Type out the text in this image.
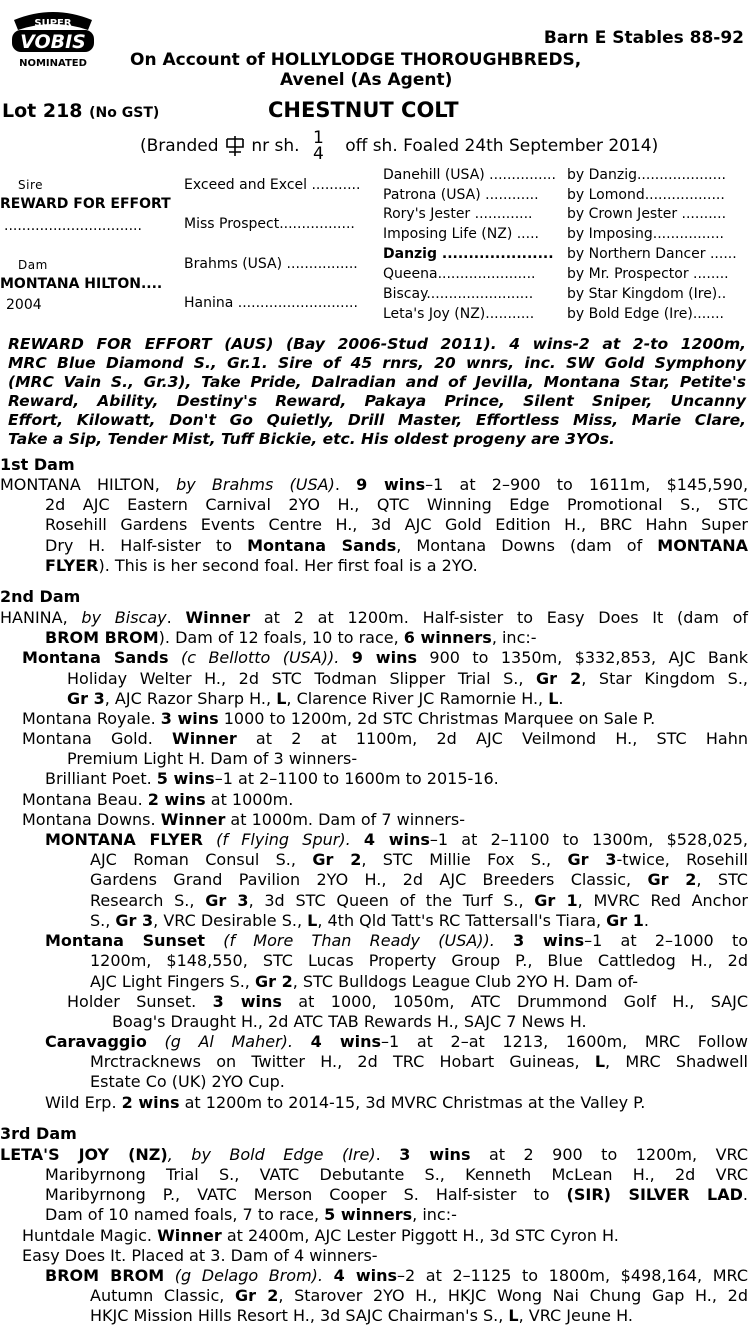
SUPER
VOBIS
NOMINATED
Barn E Stables 88-92
On Account of HOLLYLODGE THOROUGHBREDS,
Avenel (As Agent)
Lot 218 (No GST)	CHESTNUT COLT
(Branded nr sh. 1
4 off sh. Foaled 24th September 2014)
Sire
REWARD FOR EFFORT
...............................
Dam
MONTANA HILTON....
2004
Exceed and Excel ...........
Miss Prospect.................
Brahms (USA) ................
Hanina ...........................
Danehill (USA) ...............
Patrona (USA) ............
Rory's Jester .............
Imposing Life (NZ) .....
Danzig .....................
Queena......................
Biscay........................
Leta's Joy (NZ)...........
by Danzig....................
by Lomond..................
by Crown Jester ..........
by Imposing................
by Northern Dancer ......
by Mr. Prospector ........
by Star Kingdom (Ire)..
by Bold Edge (Ire).......
REWARD FOR EFFORT (AUS) (Bay 2006-Stud 2011). 4 wins-2 at 2-to 1200m,
MRC Blue Diamond S., Gr.1. Sire of 45 rnrs, 20 wnrs, inc. SW Gold Symphony
(MRC Vain S., Gr.3), Take Pride, Dalradian and of Jevilla, Montana Star, Petite's
Reward, Ability, Destiny's Reward, Pakaya Prince, Silent Sniper, Uncanny
Effort, Kilowatt, Don't Go Quietly, Drill Master, Effortless Miss, Marie Clare,
Take a Sip, Tender Mist, Tuff Bickie, etc. His oldest progeny are 3YOs.
1st Dam
MONTANA HILTON, by Brahms (USA). 9 wins–1 at 2–900 to 1611m, $145,590,
2d AJC Eastern Carnival 2YO H., QTC Winning Edge Promotional S., STC
Rosehill Gardens Events Centre H., 3d AJC Gold Edition H., BRC Hahn Super
Dry H. Half-sister to Montana Sands, Montana Downs (dam of MONTANA
FLYER). This is her second foal. Her first foal is a 2YO.
2nd Dam
HANINA, by Biscay. Winner at 2 at 1200m. Half-sister to Easy Does It (dam of
BROM BROM). Dam of 12 foals, 10 to race, 6 winners, inc:-
Montana Sands (c Bellotto (USA)). 9 wins 900 to 1350m, $332,853, AJC Bank
Holiday Welter H., 2d STC Todman Slipper Trial S., Gr 2, Star Kingdom S.,
Gr 3, AJC Razor Sharp H., L, Clarence River JC Ramornie H., L.
Montana Royale. 3 wins 1000 to 1200m, 2d STC Christmas Marquee on Sale P.
Montana Gold. Winner at 2 at 1100m, 2d AJC Veilmond H., STC Hahn
Premium Light H. Dam of 3 winners-
Brilliant Poet. 5 wins–1 at 2–1100 to 1600m to 2015-16.
Montana Beau. 2 wins at 1000m.
Montana Downs. Winner at 1000m. Dam of 7 winners-
MONTANA FLYER (f Flying Spur). 4 wins–1 at 2–1100 to 1300m, $528,025,
AJC Roman Consul S., Gr 2, STC Millie Fox S., Gr 3-twice, Rosehill
Gardens Grand Pavilion 2YO H., 2d AJC Breeders Classic, Gr 2, STC
Research S., Gr 3, 3d STC Queen of the Turf S., Gr 1, MVRC Red Anchor
S., Gr 3, VRC Desirable S., L, 4th Qld Tatt's RC Tattersall's Tiara, Gr 1.
Montana Sunset (f More Than Ready (USA)). 3 wins–1 at 2–1000 to
1200m, $148,550, STC Lucas Property Group P., Blue Cattledog H., 2d
AJC Light Fingers S., Gr 2, STC Bulldogs League Club 2YO H. Dam of-
Holder Sunset. 3 wins at 1000, 1050m, ATC Drummond Golf H., SAJC
Boag's Draught H., 2d ATC TAB Rewards H., SAJC 7 News H.
Caravaggio (g Al Maher). 4 wins–1 at 2–at 1213, 1600m, MRC Follow
Mrctracknews on Twitter H., 2d TRC Hobart Guineas, L, MRC Shadwell
Estate Co (UK) 2YO Cup.
Wild Erp. 2 wins at 1200m to 2014-15, 3d MVRC Christmas at the Valley P.
3rd Dam
LETA'S JOY (NZ), by Bold Edge (Ire). 3 wins at 2 900 to 1200m, VRC
Maribyrnong Trial S., VATC Debutante S., Kenneth McLean H., 2d VRC
Maribyrnong P., VATC Merson Cooper S. Half-sister to (SIR) SILVER LAD.
Dam of 10 named foals, 7 to race, 5 winners, inc:-
Huntdale Magic. Winner at 2400m, AJC Lester Piggott H., 3d STC Cyron H.
Easy Does It. Placed at 3. Dam of 4 winners-
BROM BROM (g Delago Brom). 4 wins–2 at 2–1125 to 1800m, $498,164, MRC
Autumn Classic, Gr 2, Starover 2YO H., HKJC Wong Nai Chung Gap H., 2d
HKJC Mission Hills Resort H., 3d SAJC Chairman's S., L, VRC Jeune H.
